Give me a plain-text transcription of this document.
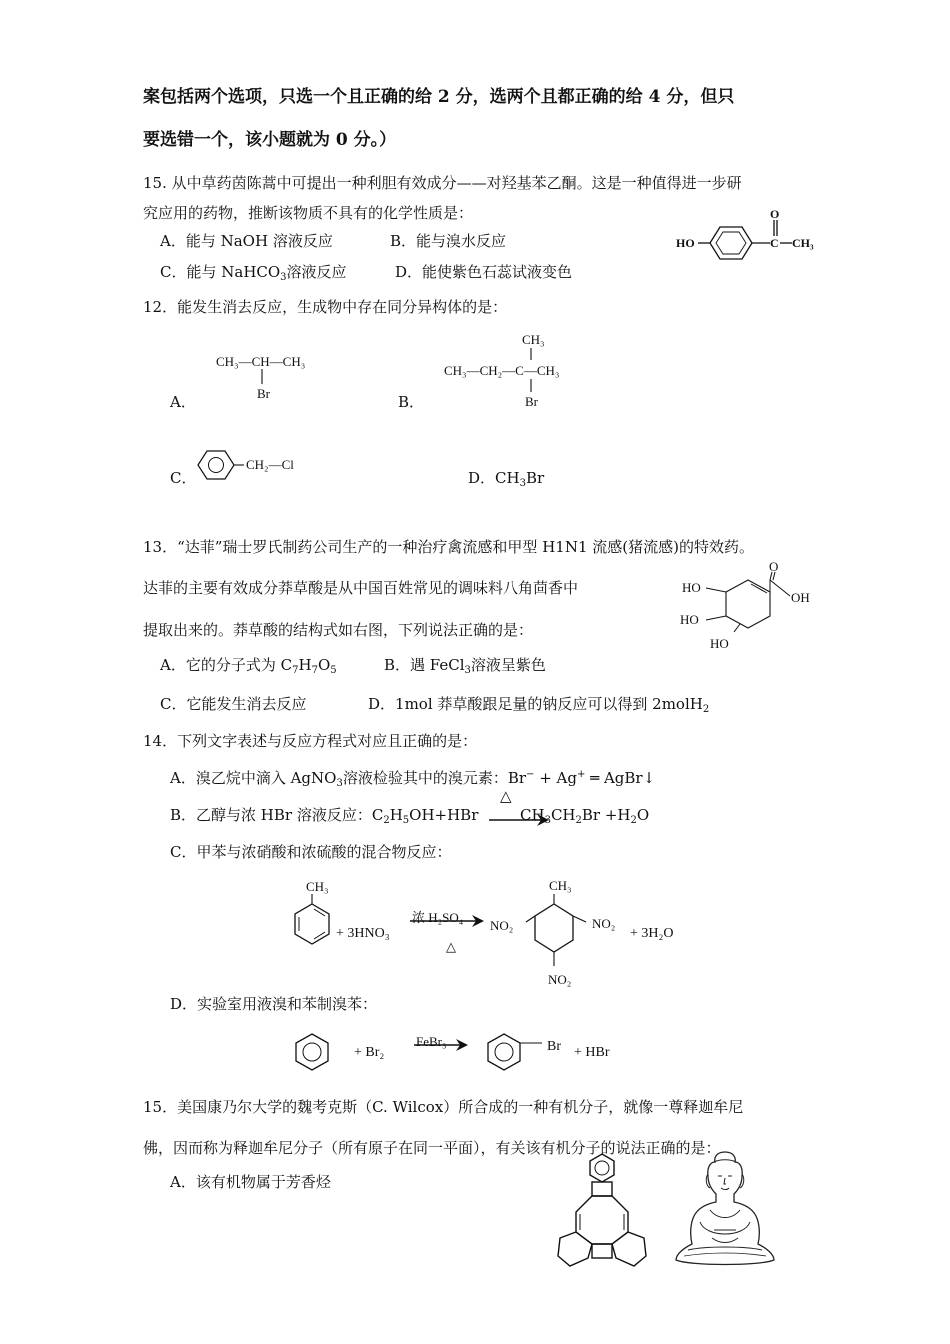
案包括两个选项，只选一个且正确的给 2 分，选两个且都正确的给 4 分，但只
要选错一个，该小题就为 0 分。）
15. 从中草药茵陈蒿中可提出一种利胆有效成分——对羟基苯乙酮。这是一种值得进一步研
究应用的药物，推断该物质不具有的化学性质是：
A．能与 NaOH 溶液反应	B．能与溴水反应
C．能与 NaHCO$_3$溶液反应	D．能使紫色石蕊试液变色
HO	C
O
CH₃
12．能发生消去反应，生成物中存在同分异构体的是：
A．
CH₃—CH—CH₃
Br	B．
CH₃
CH₃—CH₂—C—CH₃
Br
C．
CH₂—Cl
D．$CH_3Br$
13．“达菲”瑞士罗氏制药公司生产的一种治疗禽流感和甲型 H1N1 流感(猪流感)的特效药。
达菲的主要有效成分莽草酸是从中国百姓常见的调味料八角茴香中
提取出来的。莽草酸的结构式如右图，下列说法正确的是：
HO
HO
HO
O
OH
A．它的分子式为 $C_7H_7O_5$	B．遇 FeCl$_3$溶液呈紫色
C．它能发生消去反应	D．1mol 莽草酸跟足量的钠反应可以得到 2molH$_2$
14．下列文字表述与反应方程式对应且正确的是：
A．溴乙烷中滴入 AgNO$_3$溶液检验其中的溴元素：Br− + Ag+ ═ AgBr↓
B．乙醇与浓 HBr 溶液反应：$C_2H_5OH+HBr$
△
$CH_3CH_2Br +H_2O$
C．甲苯与浓硝酸和浓硫酸的混合物反应：
CH₃
+ 3HNO₃
浓 H₂SO₄
△
CH₃
NO₂	NO₂
NO₂
+ 3H₂O
D．实验室用液溴和苯制溴苯：
+ Br₂
FeBr₃	Br + HBr
15．美国康乃尔大学的魏考克斯（C. Wilcox）所合成的一种有机分子，就像一尊释迦牟尼
佛，因而称为释迦牟尼分子（所有原子在同一平面），有关该有机分子的说法正确的是：
A．该有机物属于芳香烃
